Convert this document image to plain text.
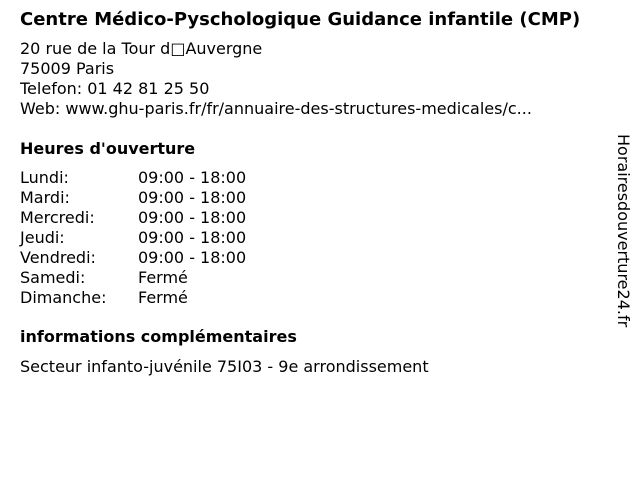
Centre Médico-Pyschologique Guidance infantile (CMP)
20 rue de la Tour d□Auvergne
75009 Paris
Telefon: 01 42 81 25 50
Web: www.ghu-paris.fr/fr/annuaire-des-structures-medicales/c...
Heures d'ouverture
Lundi:	09:00 - 18:00
Mardi:	09:00 - 18:00
Mercredi:	09:00 - 18:00
Jeudi:	09:00 - 18:00
Vendredi:	09:00 - 18:00
Samedi:	Fermé
Dimanche:	Fermé
informations complémentaires
Secteur infanto-juvénile 75I03 - 9e arrondissement
Horairesdouverture24.fr
